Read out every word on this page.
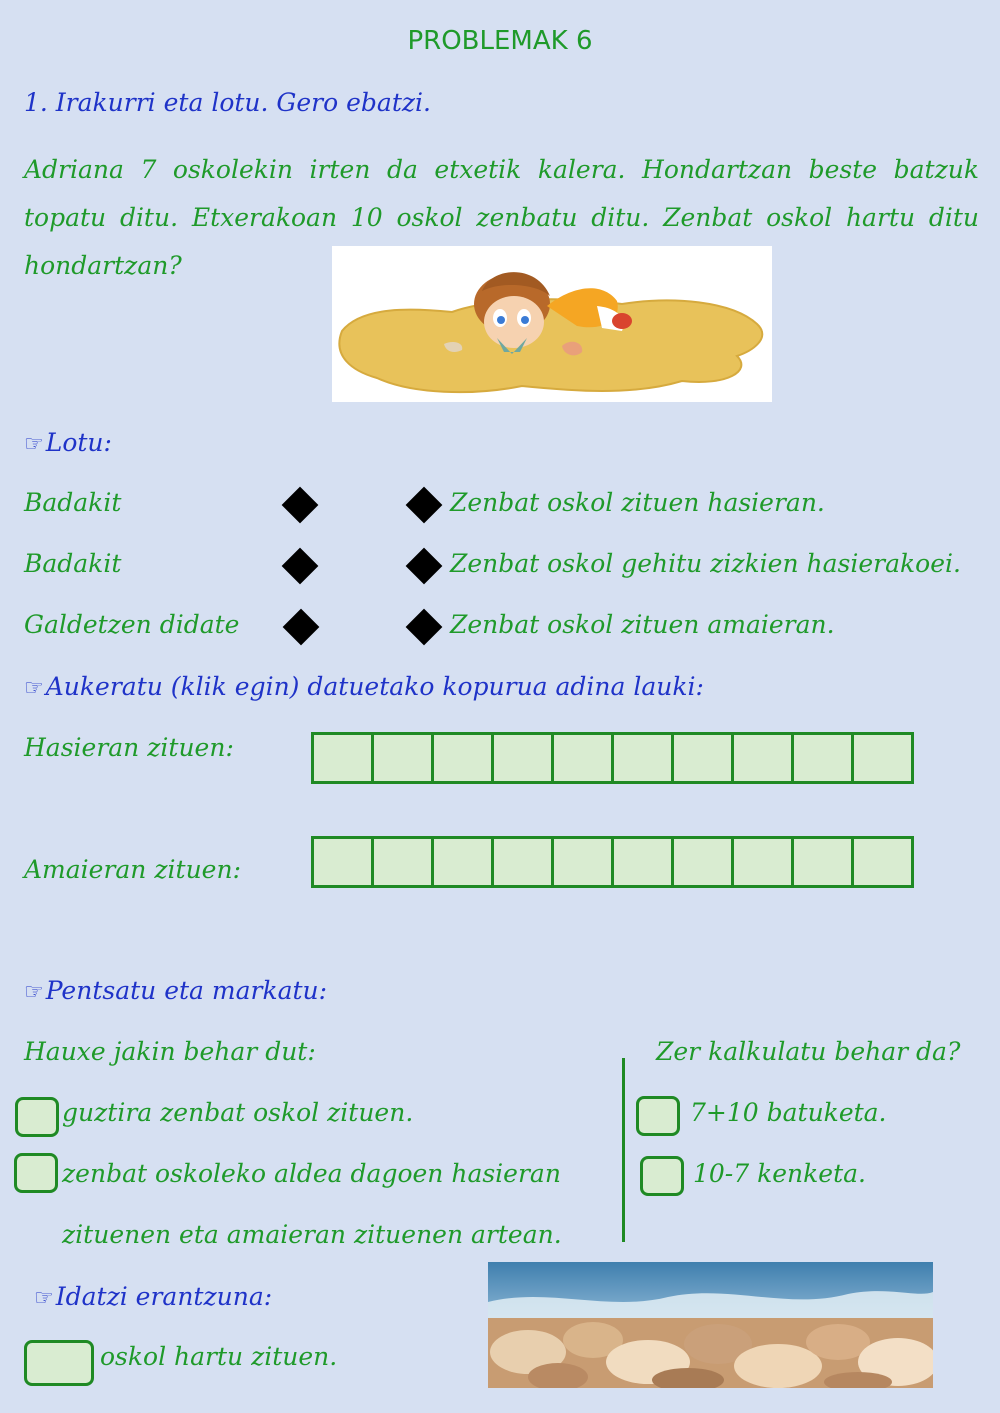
PROBLEMAK 6
1. Irakurri eta lotu. Gero ebatzi.
Adriana 7 oskolekin irten da etxetik kalera. Hondartzan beste batzuk topatu ditu. Etxerakoan 10 oskol zenbatu ditu. Zenbat oskol hartu ditu hondartzan?
☞Lotu:
Badakit	Zenbat oskol zituen hasieran.
Badakit	Zenbat oskol gehitu zizkien hasierakoei.
Galdetzen didate	Zenbat oskol zituen amaieran.
☞Aukeratu (klik egin) datuetako kopurua adina lauki:
Hasieran zituen:
Amaieran zituen:
☞Pentsatu eta markatu:
Hauxe jakin behar dut:	Zer kalkulatu behar da?
guztira zenbat oskol zituen.
zenbat oskoleko aldea dagoen hasieran
zituenen eta amaieran zituenen artean.
7+10 batuketa.
10-7 kenketa.
☞Idatzi erantzuna:
oskol hartu zituen.
